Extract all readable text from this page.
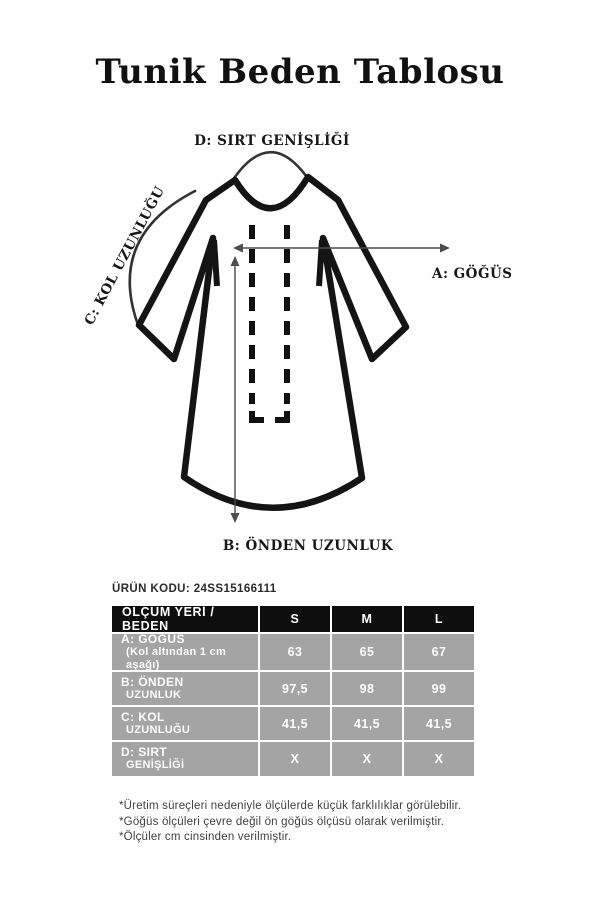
Tunik Beden Tablosu
D: SIRT GENİŞLİĞİ
C: KOL UZUNLUĞU	A: GÖĞÜS
B: ÖNDEN UZUNLUK
ÜRÜN KODU: 24SS15166111
ÖLÇÜM YERİ / BEDEN	S	M	L
A: GÖĞÜS
(Kol altından 1 cm aşağı)
63	65	67
B: ÖNDEN
UZUNLUK	97,5	98	99
C: KOL
UZUNLUĞU	41,5	41,5	41,5
D: SIRT
GENİŞLİĞİ	X	X	X
*Üretim süreçleri nedeniyle ölçülerde küçük farklılıklar görülebilir.
*Göğüs ölçüleri çevre değil ön göğüs ölçüsü olarak verilmiştir.
*Ölçüler cm cinsinden verilmiştir.
